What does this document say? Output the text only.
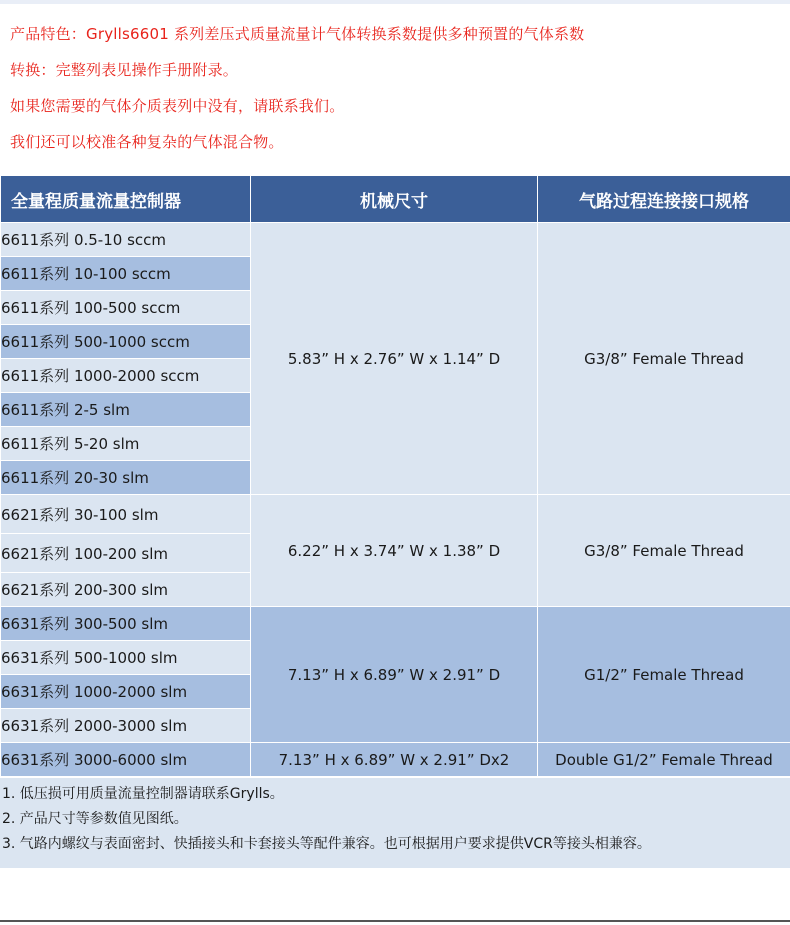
产品特色：Grylls6601 系列差压式质量流量计气体转换系数提供多种预置的气体系数

转换：完整列表见操作手册附录。

如果您需要的气体介质表列中没有，请联系我们。

我们还可以校准各种复杂的气体混合物。

全量程质量流量控制器	机械尺寸	气路过程连接接口规格
6611系列 0.5-10 sccm	5.83” H x 2.76” W x 1.14” D	G3/8” Female Thread
6611系列 10-100 sccm		
6611系列 100-500 sccm		
6611系列 500-1000 sccm		
6611系列 1000-2000 sccm		
6611系列 2-5 slm		
6611系列 5-20 slm		
6611系列 20-30 slm		
6621系列 30-100 slm	6.22” H x 3.74” W x 1.38” D	G3/8” Female Thread
6621系列 100-200 slm		
6621系列 200-300 slm		
6631系列 300-500 slm	7.13” H x 6.89” W x 2.91” D	G1/2” Female Thread
6631系列 500-1000 slm		
6631系列 1000-2000 slm		
6631系列 2000-3000 slm		
6631系列 3000-6000 slm	7.13” H x 6.89” W x 2.91” Dx2	Double G1/2” Female Thread

1. 低压损可用质量流量控制器请联系Grylls。

2. 产品尺寸等参数值见图纸。

3. 气路内螺纹与表面密封、快插接头和卡套接头等配件兼容。也可根据用户要求提供VCR等接头相兼容。
